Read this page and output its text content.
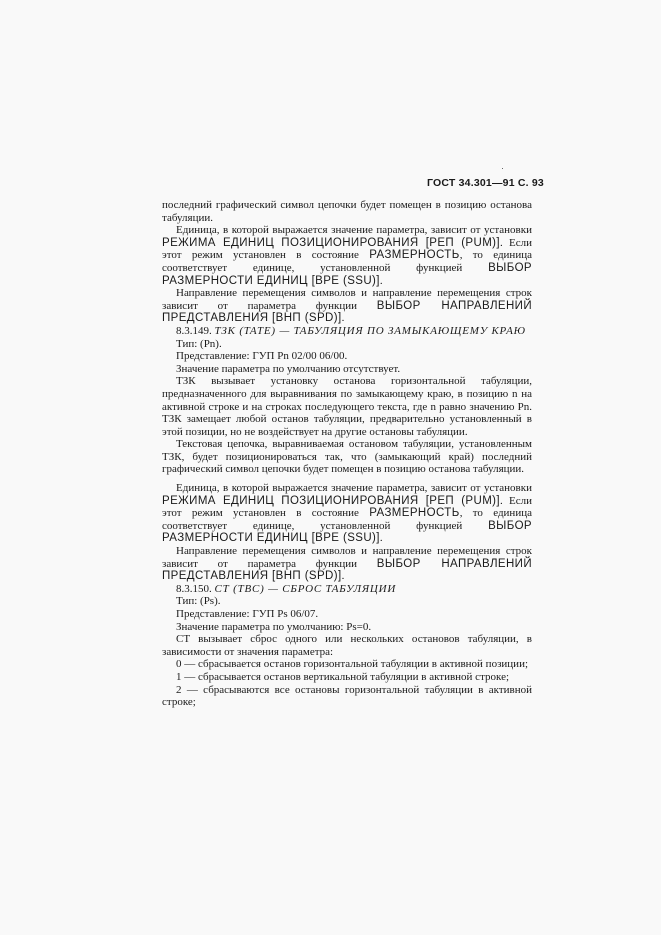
ГОСТ 34.301—91 С. 93

последний графический символ цепочки будет помещен в позицию останова табуляции.

Единица, в которой выражается значение параметра, зависит от установки РЕЖИМА ЕДИНИЦ ПОЗИЦИОНИРОВАНИЯ [РЕП (PUM)]. Если этот режим установлен в состояние РАЗМЕРНОСТЬ, то единица соответствует единице, установленной функцией ВЫБОР РАЗМЕРНОСТИ ЕДИНИЦ [ВРЕ (SSU)].

Направление перемещения символов и направление перемещения строк зависит от параметра функции ВЫБОР НАПРАВЛЕНИЙ ПРЕДСТАВЛЕНИЯ [ВНП (SPD)].

8.3.149. ТЗК (TATE) — ТАБУЛЯЦИЯ ПО ЗАМЫКАЮЩЕМУ КРАЮ

Тип: (Pn).

Представление: ГУП Pn 02/00 06/00.

Значение параметра по умолчанию отсутствует.

ТЗК вызывает установку останова горизонтальной табуляции, предназначенного для выравнивания по замыкающему краю, в позицию n на активной строке и на строках последующего текста, где n равно значению Pn. ТЗК замещает любой останов табуляции, предварительно установленный в этой позиции, но не воздействует на другие остановы табуляции.

Текстовая цепочка, выравниваемая остановом табуляции, установленным ТЗК, будет позиционироваться так, что (замыкающий край) последний графический символ цепочки будет помещен в позицию останова табуляции.

Единица, в которой выражается значение параметра, зависит от установки РЕЖИМА ЕДИНИЦ ПОЗИЦИОНИРОВАНИЯ [РЕП (PUM)]. Если этот режим установлен в состояние РАЗМЕРНОСТЬ, то единица соответствует единице, установленной функцией ВЫБОР РАЗМЕРНОСТИ ЕДИНИЦ [ВРЕ (SSU)].

Направление перемещения символов и направление перемещения строк зависит от параметра функции ВЫБОР НАПРАВЛЕНИЙ ПРЕДСТАВЛЕНИЯ [ВНП (SPD)].

8.3.150. СТ (TBC) — СБРОС ТАБУЛЯЦИИ

Тип: (Ps).

Представление: ГУП Ps 06/07.

Значение параметра по умолчанию: Ps=0.

СТ вызывает сброс одного или нескольких остановов табуляции, в зависимости от значения параметра:

0 — сбрасывается останов горизонтальной табуляции в активной позиции;

1 — сбрасывается останов вертикальной табуляции в активной строке;

2 — сбрасываются все остановы горизонтальной табуляции в активной строке;
